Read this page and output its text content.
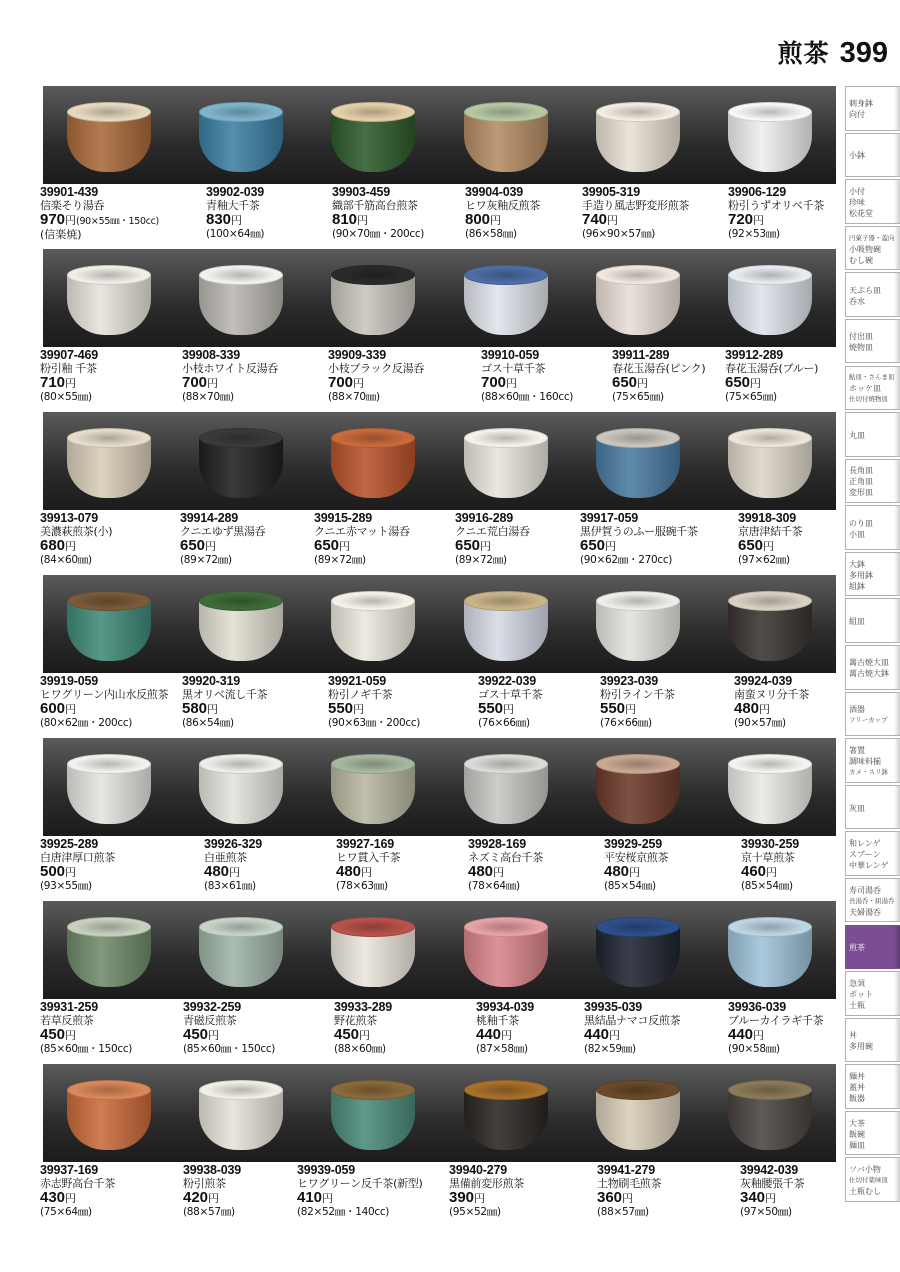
煎茶 399
39901-439
信楽そり湯呑
970円(90×55㎜・150cc)
(信楽焼)
39902-039
青釉大千茶
830円
(100×64㎜)
39903-459
織部千筋高台煎茶
810円
(90×70㎜・200cc)
39904-039
ヒワ灰釉反煎茶
800円
(86×58㎜)
39905-319
手造り風志野変形煎茶
740円
(96×90×57㎜)
39906-129
粉引うずオリベ千茶
720円
(92×53㎜)
39907-469
粉引釉 千茶
710円
(80×55㎜)
39908-339
小枝ホワイト反湯呑
700円
(88×70㎜)
39909-339
小枝ブラック反湯呑
700円
(88×70㎜)
39910-059
ゴス十草千茶
700円
(88×60㎜・160cc)
39911-289
春花玉湯呑(ピンク)
650円
(75×65㎜)
39912-289
春花玉湯呑(ブルー)
650円
(75×65㎜)
39913-079
美濃萩煎茶(小)
680円
(84×60㎜)
39914-289
クニエゆず黒湯呑
650円
(89×72㎜)
39915-289
クニエ赤マット湯呑
650円
(89×72㎜)
39916-289
クニエ荒白湯呑
650円
(89×72㎜)
39917-059
黒伊賀うのふー服碗千茶
650円
(90×62㎜・270cc)
39918-309
京唐津結千茶
650円
(97×62㎜)
39919-059
ヒワグリーン内山水反煎茶
600円
(80×62㎜・200cc)
39920-319
黒オリベ流し千茶
580円
(86×54㎜)
39921-059
粉引ノギ千茶
550円
(90×63㎜・200cc)
39922-039
ゴス十草千茶
550円
(76×66㎜)
39923-039
粉引ライン千茶
550円
(76×66㎜)
39924-039
南蛮ヌリ分千茶
480円
(90×57㎜)
39925-289
白唐津厚口煎茶
500円
(93×55㎜)
39926-329
白亜煎茶
480円
(83×61㎜)
39927-169
ヒワ貫入千茶
480円
(78×63㎜)
39928-169
ネズミ高台千茶
480円
(78×64㎜)
39929-259
平安桜京煎茶
480円
(85×54㎜)
39930-259
京十草煎茶
460円
(85×54㎜)
39931-259
若草反煎茶
450円
(85×60㎜・150cc)
39932-259
青磁反煎茶
450円
(85×60㎜・150cc)
39933-289
野花煎茶
450円
(88×60㎜)
39934-039
桃釉千茶
440円
(87×58㎜)
39935-039
黒結晶ナマコ反煎茶
440円
(82×59㎜)
39936-039
ブルーカイラギ千茶
440円
(90×58㎜)
39937-169
赤志野高台千茶
430円
(75×64㎜)
39938-039
粉引煎茶
420円
(88×57㎜)
39939-059
ヒワグリーン反千茶(新型)
410円
(82×52㎜・140cc)
39940-279
黒備前変形煎茶
390円
(95×52㎜)
39941-279
土物刷毛煎茶
360円
(88×57㎜)
39942-039
灰釉腰張千茶
340円
(97×50㎜)
刺身鉢
向付
小鉢
小付
珍味
松花堂
円菓子器・蓋向
小吸物碗
むし碗
天ぷら皿
呑水
付出皿
焼物皿
鮎皿・さんま皿
ホッケ皿
仕切付焼物皿
丸皿
長角皿
正角皿
変形皿
のり皿
小皿
大鉢
多用鉢
組鉢
組皿
萬古焼大皿
萬古焼大鉢
酒器
フリーカップ
箸置
調味料揃
カメ・スリ鉢
灰皿
和レンゲ
スプーン
中華レンゲ
寿司湯呑
長湯呑・組湯呑
夫婦湯呑
煎茶
急須
ポット
土瓶
丼
多用碗
麺丼
蓋丼
飯器
大茶
飯碗
麺皿
ソバ小物
仕切付薬味皿
土瓶むし
